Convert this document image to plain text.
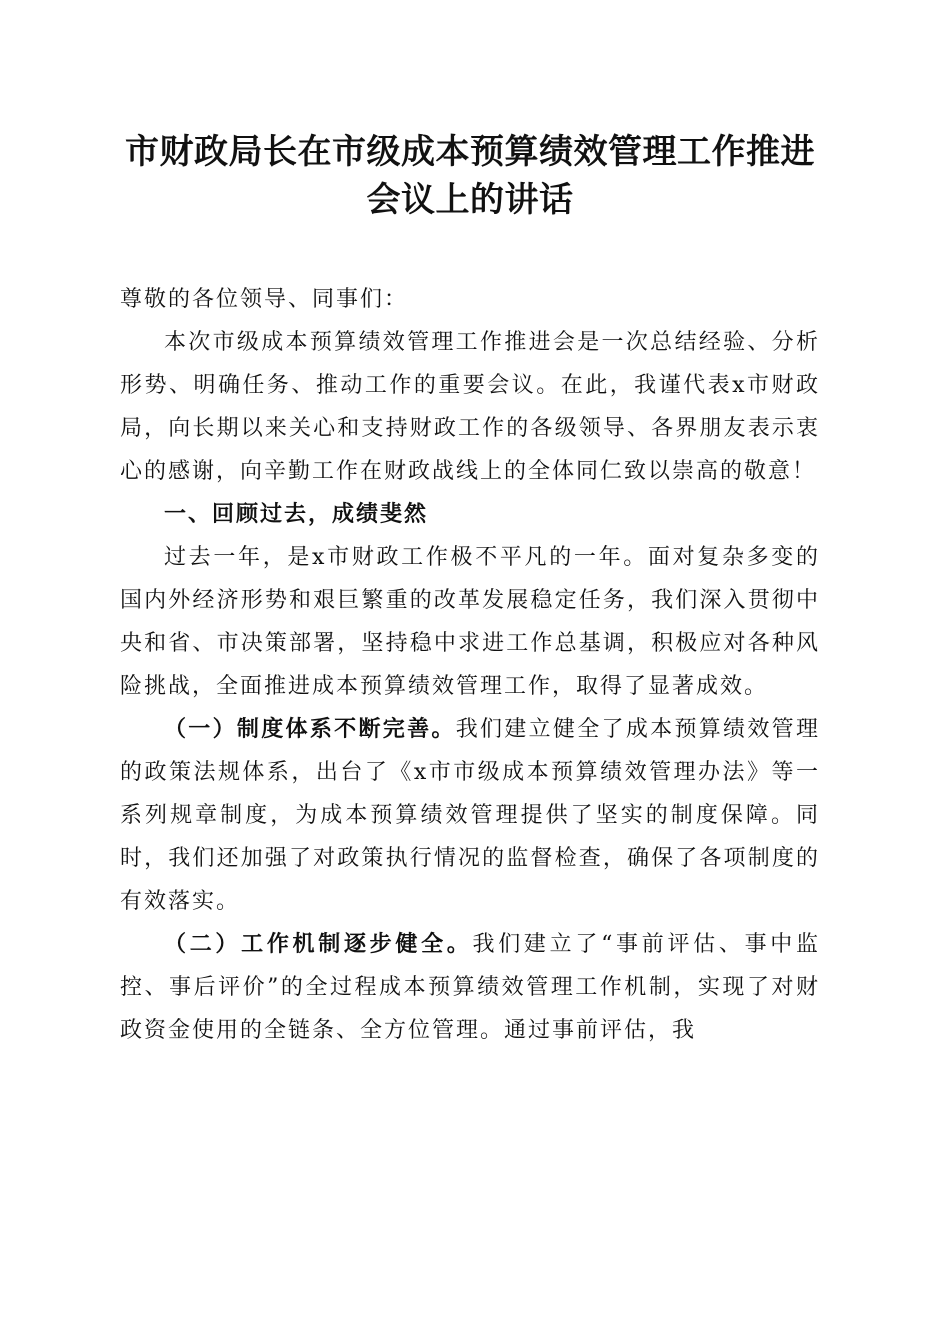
市财政局长在市级成本预算绩效管理工作推进
会议上的讲话

尊敬的各位领导、同事们：

本次市级成本预算绩效管理工作推进会是一次总结经验、分析形势、明确任务、推动工作的重要会议。在此，我谨代表x市财政局，向长期以来关心和支持财政工作的各级领导、各界朋友表示衷心的感谢，向辛勤工作在财政战线上的全体同仁致以崇高的敬意！

一、回顾过去，成绩斐然

过去一年，是x市财政工作极不平凡的一年。面对复杂多变的国内外经济形势和艰巨繁重的改革发展稳定任务，我们深入贯彻中央和省、市决策部署，坚持稳中求进工作总基调，积极应对各种风险挑战，全面推进成本预算绩效管理工作，取得了显著成效。

（一）制度体系不断完善。我们建立健全了成本预算绩效管理的政策法规体系，出台了《x市市级成本预算绩效管理办法》等一系列规章制度，为成本预算绩效管理提供了坚实的制度保障。同时，我们还加强了对政策执行情况的监督检查，确保了各项制度的有效落实。

（二）工作机制逐步健全。我们建立了“事前评估、事中监控、事后评价”的全过程成本预算绩效管理工作机制，实现了对财政资金使用的全链条、全方位管理。通过事前评估，我
